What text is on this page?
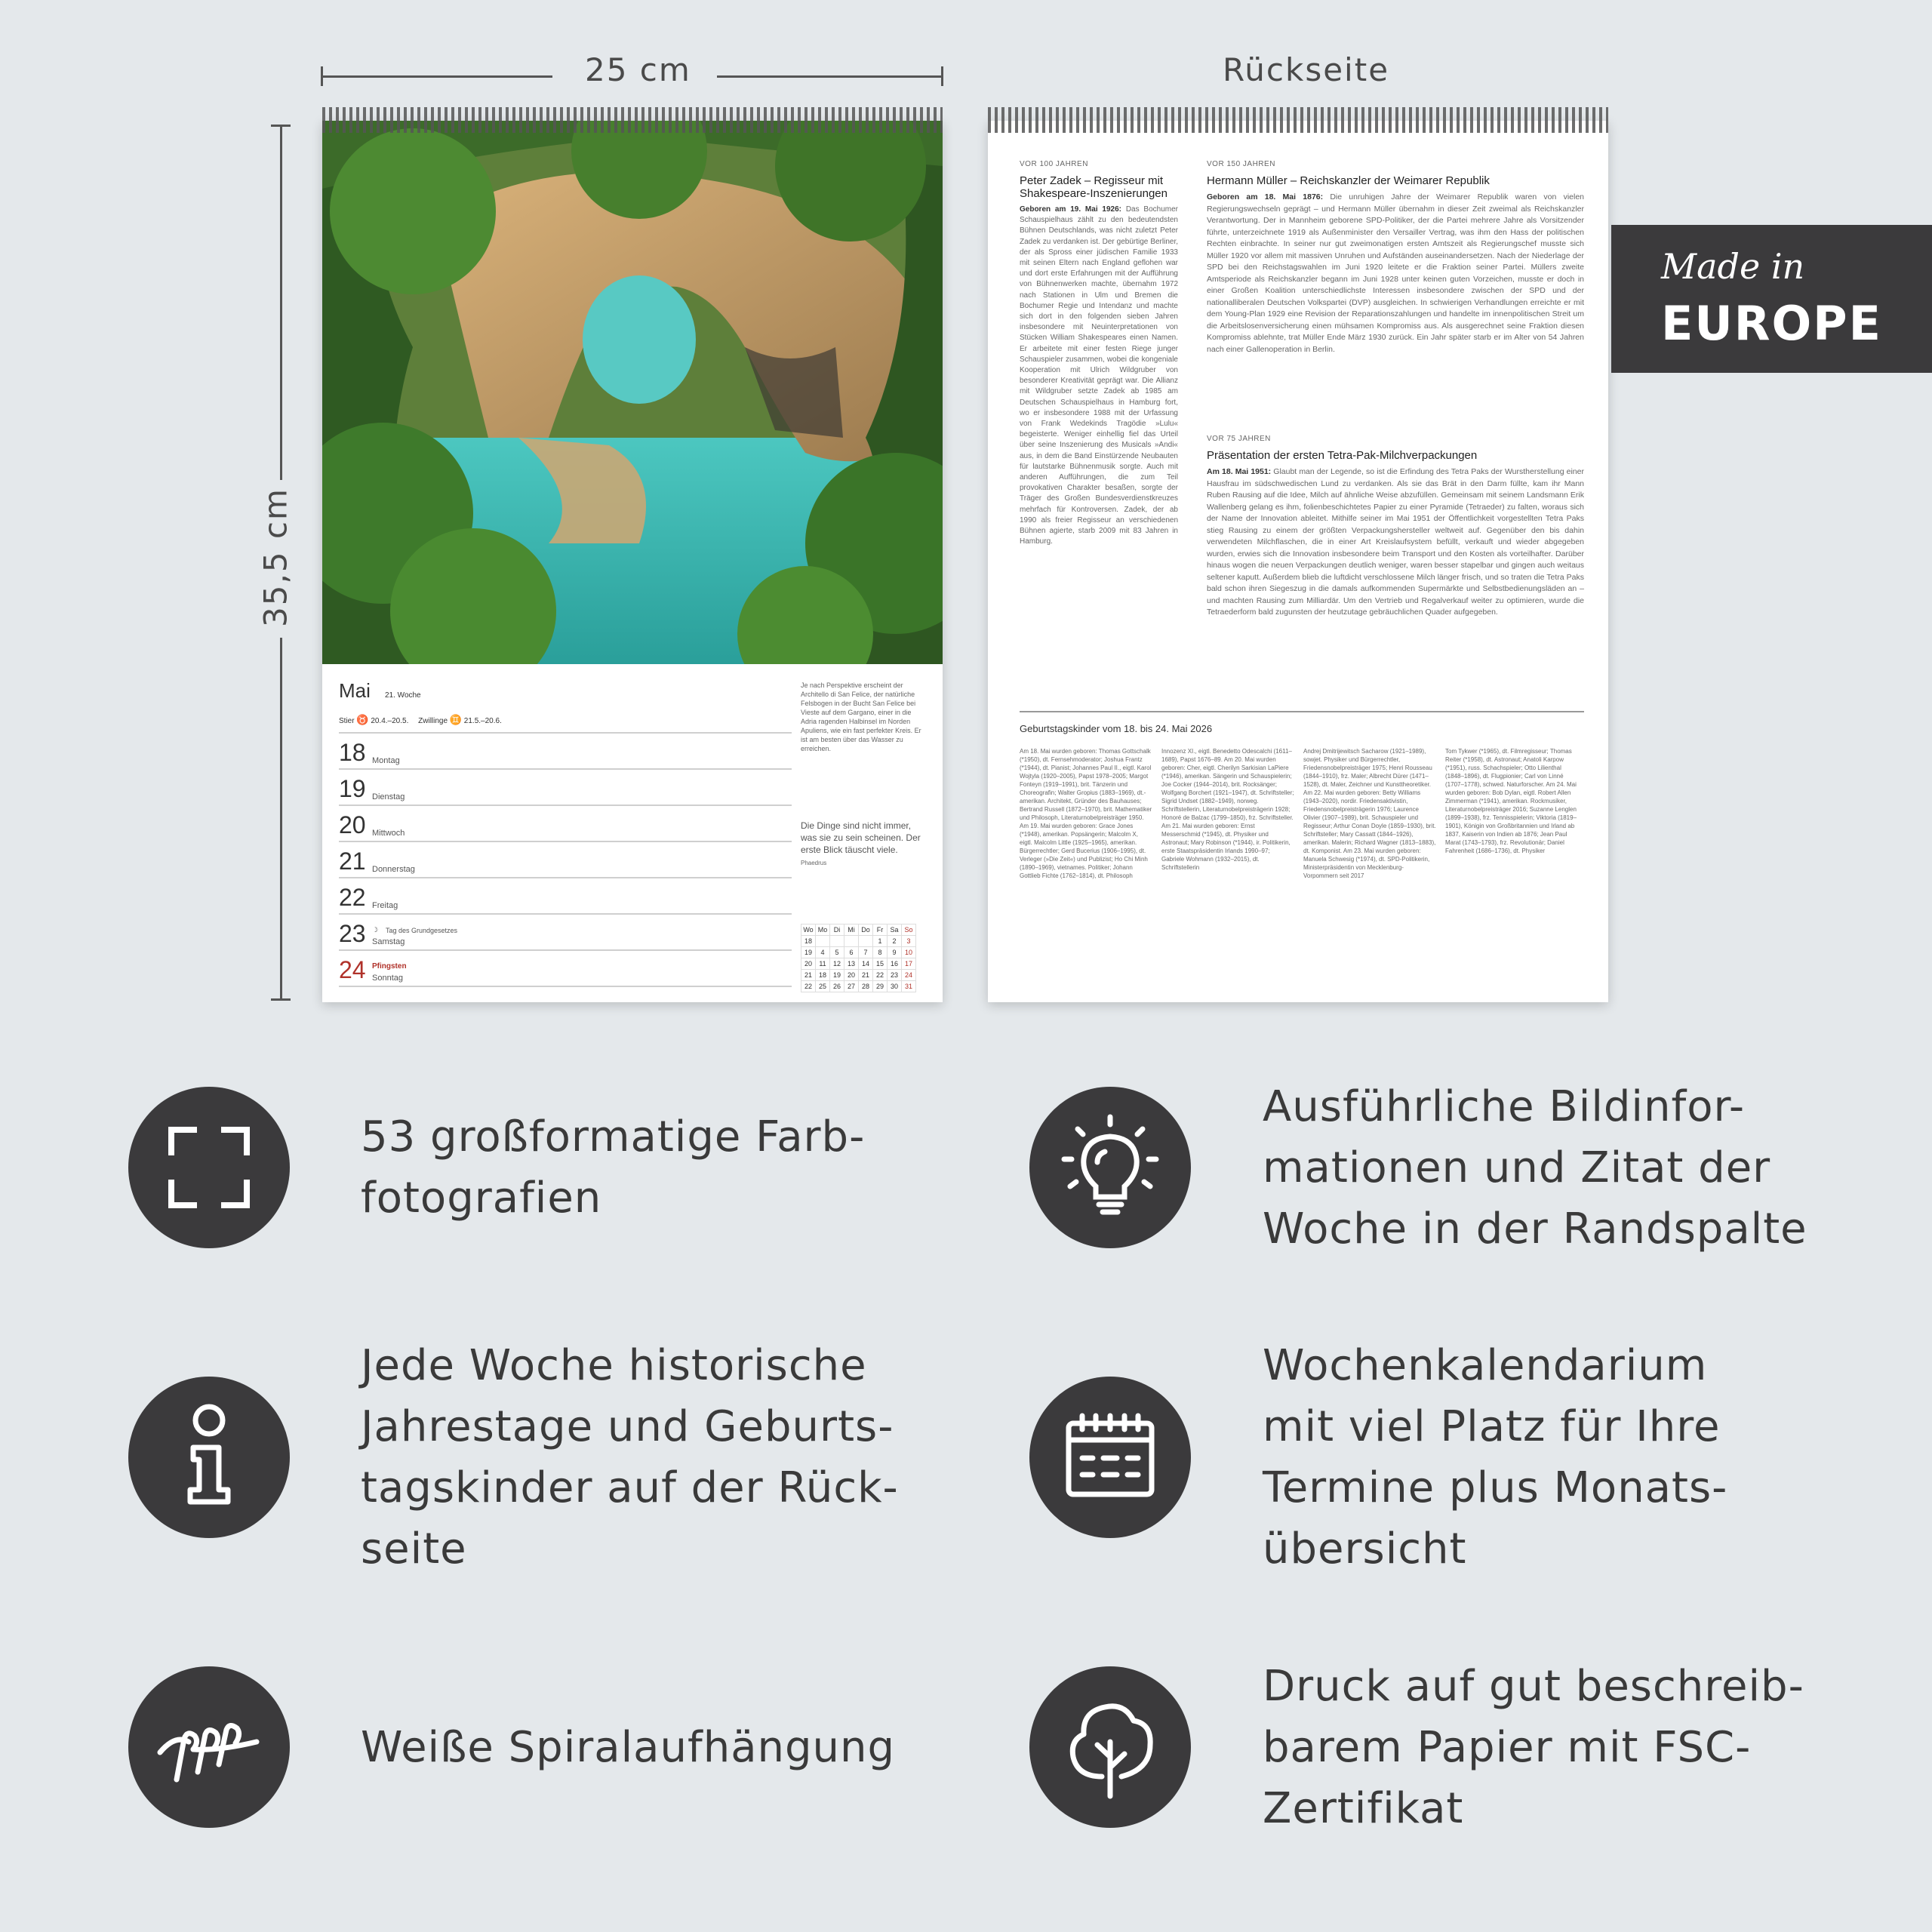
25 cm
35,5 cm
Rückseite
Mai 21. Woche
Stier ♉ 20.4.–20.5. Zwillinge ♊ 21.5.–20.6.
18 Montag
19 Dienstag
20 Mittwoch
21 Donnerstag
22 Freitag
23 ☽ Tag des Grundgesetzes
Samstag
24 Pfingsten
Sonntag
Je nach Perspektive erscheint der Architello di San Felice, der natürliche Felsbogen in der Bucht San Felice bei Vieste auf dem Gargano, einer in die Adria ragenden Halbinsel im Norden Apuliens, wie ein fast perfekter Kreis. Er ist am besten über das Wasser zu erreichen.
Die Dinge sind nicht immer, was sie zu sein scheinen. Der erste Blick täuscht viele.
Phaedrus
Wo	Mo	Di	Mi	Do	Fr	Sa	So
18					1	2	3
19	4	5	6	7	8	9	10
20	11	12	13	14	15	16	17
21	18	19	20	21	22	23	24
22	25	26	27	28	29	30	31
VOR 100 JAHREN
Peter Zadek – Regisseur mit Shakespeare-Inszenierungen
Geboren am 19. Mai 1926: Das Bochumer Schauspielhaus zählt zu den bedeutendsten Bühnen Deutschlands, was nicht zuletzt Peter Zadek zu verdanken ist. Der gebürtige Berliner, der als Spross einer jüdischen Familie 1933 mit seinen Eltern nach England geflohen war und dort erste Erfahrungen mit der Aufführung von Bühnenwerken machte, übernahm 1972 nach Stationen in Ulm und Bremen die Bochumer Regie und Intendanz und machte sich dort in den folgenden sieben Jahren insbesondere mit Neuinterpretationen von Stücken William Shakespeares einen Namen. Er arbeitete mit einer festen Riege junger Schauspieler zusammen, wobei die kongeniale Kooperation mit Ulrich Wildgruber von besonderer Kreativität geprägt war. Die Allianz mit Wildgruber setzte Zadek ab 1985 am Deutschen Schauspielhaus in Hamburg fort, wo er insbesondere 1988 mit der Urfassung von Frank Wedekinds Tragödie »Lulu« begeisterte. Weniger einhellig fiel das Urteil über seine Inszenierung des Musicals »Andi« aus, in dem die Band Einstürzende Neubauten für lautstarke Bühnenmusik sorgte. Auch mit anderen Aufführungen, die zum Teil provokativen Charakter besaßen, sorgte der Träger des Großen Bundesverdienstkreuzes mehrfach für Kontroversen. Zadek, der ab 1990 als freier Regisseur an verschiedenen Bühnen agierte, starb 2009 mit 83 Jahren in Hamburg.
VOR 150 JAHREN
Hermann Müller – Reichskanzler der Weimarer Republik
Geboren am 18. Mai 1876: Die unruhigen Jahre der Weimarer Republik waren von vielen Regierungswechseln geprägt – und Hermann Müller übernahm in dieser Zeit zweimal als Reichskanzler Verantwortung. Der in Mannheim geborene SPD-Politiker, der die Partei mehrere Jahre als Vorsitzender führte, unterzeichnete 1919 als Außenminister den Versailler Vertrag, was ihm den Hass der politischen Rechten einbrachte. In seiner nur gut zweimonatigen ersten Amtszeit als Regierungschef musste sich Müller 1920 vor allem mit massiven Unruhen und Aufständen auseinandersetzen. Nach der Niederlage der SPD bei den Reichstagswahlen im Juni 1920 leitete er die Fraktion seiner Partei. Müllers zweite Amtsperiode als Reichskanzler begann im Juni 1928 unter keinen guten Vorzeichen, musste er doch in einer Großen Koalition unterschiedlichste Interessen insbesondere zwischen der SPD und der nationalliberalen Deutschen Volkspartei (DVP) ausgleichen. In schwierigen Verhandlungen erreichte er mit dem Young-Plan 1929 eine Revision der Reparationszahlungen und handelte im innenpolitischen Streit um die Arbeitslosenversicherung einen mühsamen Kompromiss aus. Als ausgerechnet seine Fraktion diesen Kompromiss ablehnte, trat Müller Ende März 1930 zurück. Ein Jahr später starb er im Alter von 54 Jahren nach einer Gallenoperation in Berlin.
VOR 75 JAHREN
Präsentation der ersten Tetra-Pak-Milchverpackungen
Am 18. Mai 1951: Glaubt man der Legende, so ist die Erfindung des Tetra Paks der Wurstherstellung einer Hausfrau im südschwedischen Lund zu verdanken. Als sie das Brät in den Darm füllte, kam ihr Mann Ruben Rausing auf die Idee, Milch auf ähnliche Weise abzufüllen. Gemeinsam mit seinem Landsmann Erik Wallenberg gelang es ihm, folienbeschichtetes Papier zu einer Pyramide (Tetraeder) zu falten, woraus sich der Name der Innovation ableitet. Mithilfe seiner im Mai 1951 der Öffentlichkeit vorgestellten Tetra Paks stieg Rausing zu einem der größten Verpackungshersteller weltweit auf. Gegenüber den bis dahin verwendeten Milchflaschen, die in einer Art Kreislaufsystem befüllt, verkauft und wieder abgegeben wurden, erwies sich die Innovation insbesondere beim Transport und den Kosten als vorteilhafter. Darüber hinaus wogen die neuen Verpackungen deutlich weniger, waren besser stapelbar und gingen auch weitaus seltener kaputt. Außerdem blieb die luftdicht verschlossene Milch länger frisch, und so traten die Tetra Paks bald schon ihren Siegeszug in die damals aufkommenden Supermärkte und Selbstbedienungsläden an – und machten Rausing zum Milliardär. Um den Vertrieb und Regalverkauf weiter zu optimieren, wurde die Tetraederform bald zugunsten der heutzutage gebräuchlichen Quader aufgegeben.
Geburtstagskinder vom 18. bis 24. Mai 2026
Am 18. Mai wurden geboren: Thomas Gottschalk (*1950), dt. Fernsehmoderator; Joshua Frantz (*1944), dt. Pianist; Johannes Paul II., eigtl. Karol Wojtyla (1920–2005), Papst 1978–2005; Margot Fonteyn (1919–1991), brit. Tänzerin und Choreografin; Walter Gropius (1883–1969), dt.-amerikan. Architekt, Gründer des Bauhauses; Bertrand Russell (1872–1970), brit. Mathematiker und Philosoph, Literaturnobelpreisträger 1950. Am 19. Mai wurden geboren: Grace Jones (*1948), amerikan. Popsängerin; Malcolm X, eigtl. Malcolm Little (1925–1965), amerikan. Bürgerrechtler; Gerd Bucerius (1906–1995), dt. Verleger (»Die Zeit«) und Publizist; Ho Chi Minh (1890–1969), vietnames. Politiker; Johann Gottlieb Fichte (1762–1814), dt. Philosoph
Innozenz XI., eigtl. Benedetto Odescalchi (1611–1689), Papst 1676–89. Am 20. Mai wurden geboren: Cher, eigtl. Cherilyn Sarkisian LaPiere (*1946), amerikan. Sängerin und Schauspielerin; Joe Cocker (1944–2014), brit. Rocksänger; Wolfgang Borchert (1921–1947), dt. Schriftsteller; Sigrid Undset (1882–1949), norweg. Schriftstellerin, Literaturnobelpreisträgerin 1928; Honoré de Balzac (1799–1850), frz. Schriftsteller. Am 21. Mai wurden geboren: Ernst Messerschmid (*1945), dt. Physiker und Astronaut; Mary Robinson (*1944), ir. Politikerin, erste Staatspräsidentin Irlands 1990–97; Gabriele Wohmann (1932–2015), dt. Schriftstellerin
Andrej Dmitrijewitsch Sacharow (1921–1989), sowjet. Physiker und Bürgerrechtler, Friedensnobelpreisträger 1975; Henri Rousseau (1844–1910), frz. Maler; Albrecht Dürer (1471–1528), dt. Maler, Zeichner und Kunsttheoretiker. Am 22. Mai wurden geboren: Betty Williams (1943–2020), nordir. Friedensaktivistin, Friedensnobelpreisträgerin 1976; Laurence Olivier (1907–1989), brit. Schauspieler und Regisseur; Arthur Conan Doyle (1859–1930), brit. Schriftsteller; Mary Cassatt (1844–1926), amerikan. Malerin; Richard Wagner (1813–1883), dt. Komponist. Am 23. Mai wurden geboren: Manuela Schwesig (*1974), dt. SPD-Politikerin, Ministerpräsidentin von Mecklenburg-Vorpommern seit 2017
Tom Tykwer (*1965), dt. Filmregisseur; Thomas Reiter (*1958), dt. Astronaut; Anatoli Karpow (*1951), russ. Schachspieler; Otto Lilienthal (1848–1896), dt. Flugpionier; Carl von Linné (1707–1778), schwed. Naturforscher. Am 24. Mai wurden geboren: Bob Dylan, eigtl. Robert Allen Zimmerman (*1941), amerikan. Rockmusiker, Literaturnobelpreisträger 2016; Suzanne Lenglen (1899–1938), frz. Tennisspielerin; Viktoria (1819–1901), Königin von Großbritannien und Irland ab 1837, Kaiserin von Indien ab 1876; Jean Paul Marat (1743–1793), frz. Revolutionär; Daniel Fahrenheit (1686–1736), dt. Physiker
Made in
EUROPE
53 großformatige Farb-
fotografien
Ausführliche Bildinfor-
mationen und Zitat der
Woche in der Randspalte
Jede Woche historische
Jahrestage und Geburts-
tagskinder auf der Rück-
seite
Wochenkalendarium
mit viel Platz für Ihre
Termine plus Monats-
übersicht
Weiße Spiralaufhängung
Druck auf gut beschreib-
barem Papier mit FSC-
Zertifikat
